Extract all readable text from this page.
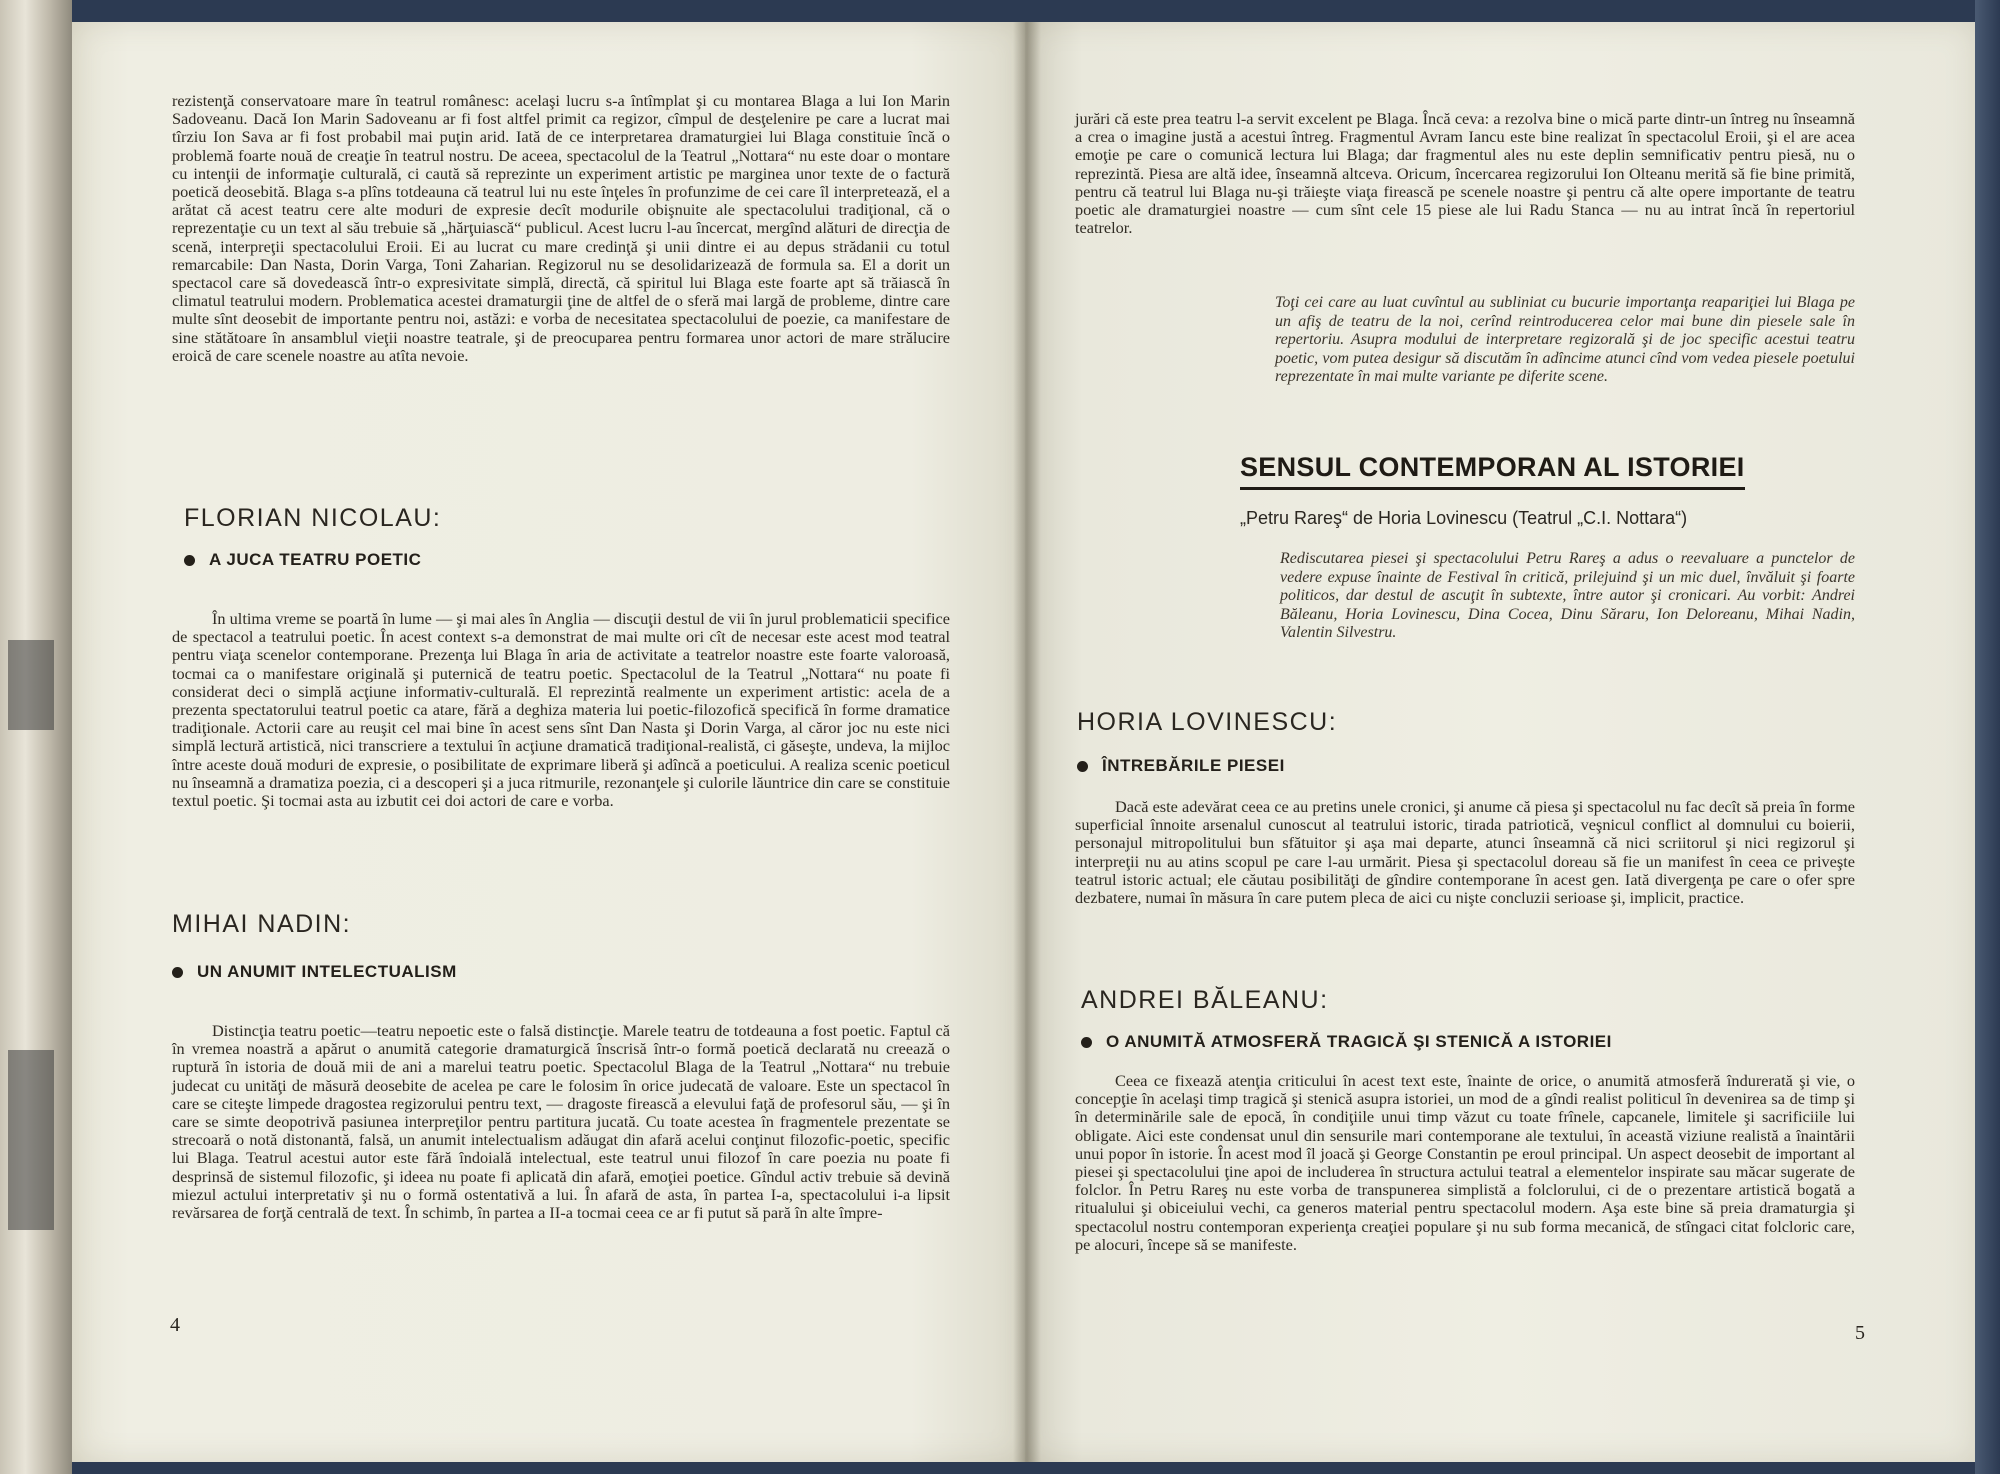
rezistenţă conservatoare mare în teatrul românesc: acelaşi lucru s-a întîmplat şi cu montarea Blaga a lui Ion Marin Sadoveanu. Dacă Ion Marin Sadoveanu ar fi fost altfel primit ca regizor, cîmpul de desţelenire pe care a lucrat mai tîrziu Ion Sava ar fi fost probabil mai puţin arid. Iată de ce interpretarea dramaturgiei lui Blaga constituie încă o problemă foarte nouă de creaţie în teatrul nostru. De aceea, spectacolul de la Teatrul „Nottara“ nu este doar o montare cu intenţii de informaţie culturală, ci caută să reprezinte un experiment artistic pe marginea unor texte de o factură poetică deosebită. Blaga s-a plîns totdeauna că teatrul lui nu este înţeles în profunzime de cei care îl interpretează, el a arătat că acest teatru cere alte moduri de expresie decît modurile obişnuite ale spectacolului tradiţional, că o reprezentaţie cu un text al său trebuie să „hărţuiască“ publicul. Acest lucru l-au încercat, mergînd alături de direcţia de scenă, interpreţii spectacolului Eroii. Ei au lucrat cu mare credinţă şi unii dintre ei au depus strădanii cu totul remarcabile: Dan Nasta, Dorin Varga, Toni Zaharian. Regizorul nu se desolidarizează de formula sa. El a dorit un spectacol care să dovedească într-o expresivitate simplă, directă, că spiritul lui Blaga este foarte apt să trăiască în climatul teatrului modern. Problematica acestei dramaturgii ţine de altfel de o sferă mai largă de probleme, dintre care multe sînt deosebit de importante pentru noi, astăzi: e vorba de necesitatea spectacolului de poezie, ca manifestare de sine stătătoare în ansamblul vieţii noastre teatrale, şi de preocuparea pentru formarea unor actori de mare strălucire eroică de care scenele noastre au atîta nevoie.

FLORIAN NICOLAU:
A JUCA TEATRU POETIC

În ultima vreme se poartă în lume — şi mai ales în Anglia — discuţii destul de vii în jurul problematicii specifice de spectacol a teatrului poetic. În acest context s-a demonstrat de mai multe ori cît de necesar este acest mod teatral pentru viaţa scenelor contemporane. Prezenţa lui Blaga în aria de activitate a teatrelor noastre este foarte valoroasă, tocmai ca o manifestare originală şi puternică de teatru poetic. Spectacolul de la Teatrul „Nottara“ nu poate fi considerat deci o simplă acţiune informativ-culturală. El reprezintă realmente un experiment artistic: acela de a prezenta spectatorului teatrul poetic ca atare, fără a deghiza materia lui poetic-filozofică specifică în forme dramatice tradiţionale. Actorii care au reuşit cel mai bine în acest sens sînt Dan Nasta şi Dorin Varga, al căror joc nu este nici simplă lectură artistică, nici transcriere a textului în acţiune dramatică tradiţional-realistă, ci găseşte, undeva, la mijloc între aceste două moduri de expresie, o posibilitate de exprimare liberă şi adîncă a poeticului. A realiza scenic poeticul nu înseamnă a dramatiza poezia, ci a descoperi şi a juca ritmurile, rezonanţele şi culorile lăuntrice din care se constituie textul poetic. Şi tocmai asta au izbutit cei doi actori de care e vorba.

MIHAI NADIN:
UN ANUMIT INTELECTUALISM

Distincţia teatru poetic—teatru nepoetic este o falsă distincţie. Marele teatru de totdeauna a fost poetic. Faptul că în vremea noastră a apărut o anumită categorie dramaturgică înscrisă într-o formă poetică declarată nu creează o ruptură în istoria de două mii de ani a marelui teatru poetic. Spectacolul Blaga de la Teatrul „Nottara“ nu trebuie judecat cu unităţi de măsură deosebite de acelea pe care le folosim în orice judecată de valoare. Este un spectacol în care se citeşte limpede dragostea regizorului pentru text, — dragoste firească a elevului faţă de profesorul său, — şi în care se simte deopotrivă pasiunea interpreţilor pentru partitura jucată. Cu toate acestea în fragmentele prezentate se strecoară o notă distonantă, falsă, un anumit intelectualism adăugat din afară acelui conţinut filozofic-poetic, specific lui Blaga. Teatrul acestui autor este fără îndoială intelectual, este teatrul unui filozof în care poezia nu poate fi desprinsă de sistemul filozofic, şi ideea nu poate fi aplicată din afară, emoţiei poetice. Gîndul activ trebuie să devină miezul actului interpretativ şi nu o formă ostentativă a lui. În afară de asta, în partea I-a, spectacolului i-a lipsit revărsarea de forţă centrală de text. În schimb, în partea a II-a tocmai ceea ce ar fi putut să pară în alte împre-

4

jurări că este prea teatru l-a servit excelent pe Blaga. Încă ceva: a rezolva bine o mică parte dintr-un întreg nu înseamnă a crea o imagine justă a acestui întreg. Fragmentul Avram Iancu este bine realizat în spectacolul Eroii, şi el are acea emoţie pe care o comunică lectura lui Blaga; dar fragmentul ales nu este deplin semnificativ pentru piesă, nu o reprezintă. Piesa are altă idee, înseamnă altceva. Oricum, încercarea regizorului Ion Olteanu merită să fie bine primită, pentru că teatrul lui Blaga nu-şi trăieşte viaţa firească pe scenele noastre şi pentru că alte opere importante de teatru poetic ale dramaturgiei noastre — cum sînt cele 15 piese ale lui Radu Stanca — nu au intrat încă în repertoriul teatrelor.

Toţi cei care au luat cuvîntul au subliniat cu bucurie importanţa reapariţiei lui Blaga pe un afiş de teatru de la noi, cerînd reintroducerea celor mai bune din piesele sale în repertoriu. Asupra modului de interpretare regizorală şi de joc specific acestui teatru poetic, vom putea desigur să discutăm în adîncime atunci cînd vom vedea piesele poetului reprezentate în mai multe variante pe diferite scene.
SENSUL CONTEMPORAN AL ISTORIEI
„Petru Rareş“ de Horia Lovinescu (Teatrul „C.I. Nottara“)
Rediscutarea piesei şi spectacolului Petru Rareş a adus o reevaluare a punctelor de vedere expuse înainte de Festival în critică, prilejuind şi un mic duel, învăluit şi foarte politicos, dar destul de ascuţit în subtexte, între autor şi cronicari. Au vorbit: Andrei Băleanu, Horia Lovinescu, Dina Cocea, Dinu Săraru, Ion Deloreanu, Mihai Nadin, Valentin Silvestru.
HORIA LOVINESCU:
ÎNTREBĂRILE PIESEI

Dacă este adevărat ceea ce au pretins unele cronici, şi anume că piesa şi spectacolul nu fac decît să preia în forme superficial înnoite arsenalul cunoscut al teatrului istoric, tirada patriotică, veşnicul conflict al domnului cu boierii, personajul mitropolitului bun sfătuitor şi aşa mai departe, atunci înseamnă că nici scriitorul şi nici regizorul şi interpreţii nu au atins scopul pe care l-au urmărit. Piesa şi spectacolul doreau să fie un manifest în ceea ce priveşte teatrul istoric actual; ele căutau posibilităţi de gîndire contemporane în acest gen. Iată divergenţa pe care o ofer spre dezbatere, numai în măsura în care putem pleca de aici cu nişte concluzii serioase şi, implicit, practice.

ANDREI BĂLEANU:
O ANUMITĂ ATMOSFERĂ TRAGICĂ ŞI STENICĂ A ISTORIEI

Ceea ce fixează atenţia criticului în acest text este, înainte de orice, o anumită atmosferă îndurerată şi vie, o concepţie în acelaşi timp tragică şi stenică asupra istoriei, un mod de a gîndi realist politicul în devenirea sa de timp şi în determinările sale de epocă, în condiţiile unui timp văzut cu toate frînele, capcanele, limitele şi sacrificiile lui obligate. Aici este condensat unul din sensurile mari contemporane ale textului, în această viziune realistă a înaintării unui popor în istorie. În acest mod îl joacă şi George Constantin pe eroul principal. Un aspect deosebit de important al piesei şi spectacolului ţine apoi de includerea în structura actului teatral a elementelor inspirate sau măcar sugerate de folclor. În Petru Rareş nu este vorba de transpunerea simplistă a folclorului, ci de o prezentare artistică bogată a ritualului şi obiceiului vechi, ca generos material pentru spectacolul modern. Aşa este bine să preia dramaturgia şi spectacolul nostru contemporan experienţa creaţiei populare şi nu sub forma mecanică, de stîngaci citat folcloric care, pe alocuri, începe să se manifeste.

5
